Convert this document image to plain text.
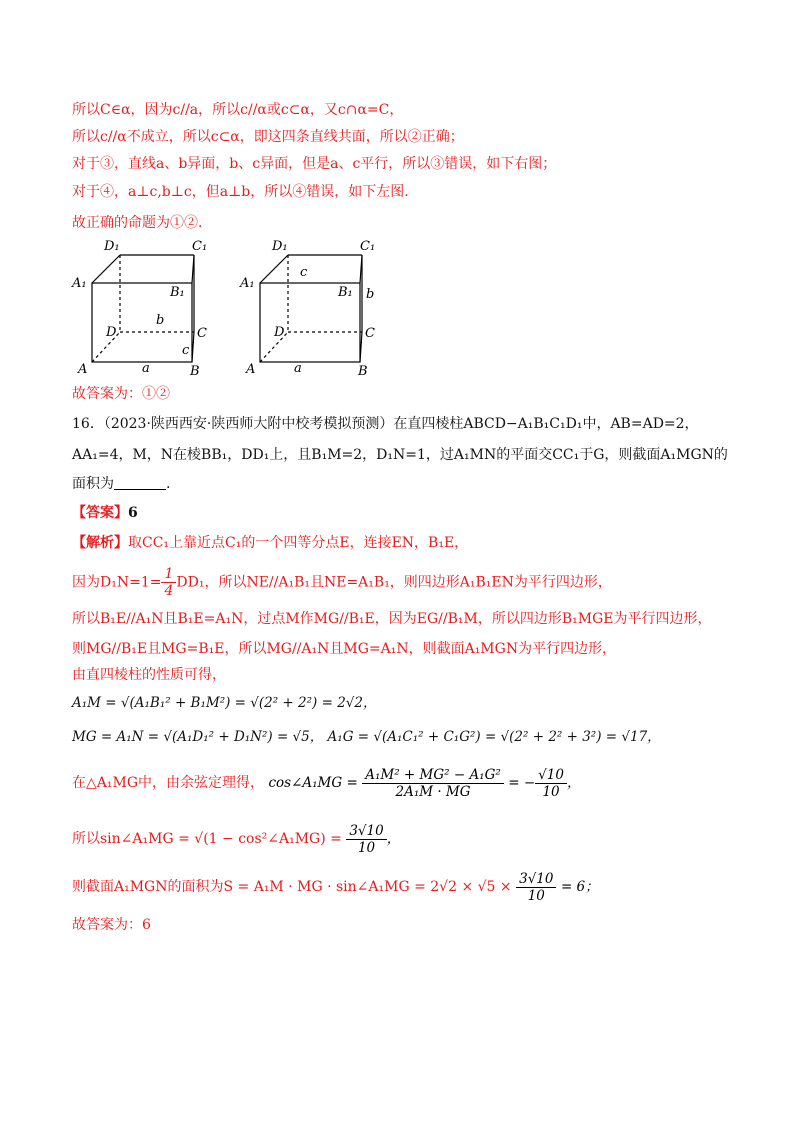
所以C∈α，因为c//a，所以c//α或c⊂α，又c∩α=C，
所以c//α不成立，所以c⊂α，即这四条直线共面，所以②正确；
对于③，直线a、b异面，b、c异面，但是a、c平行，所以③错误，如下右图；
对于④，a⊥c,b⊥c，但a⊥b，所以④错误，如下左图.
故正确的命题为①②.
D₁	C₁
A₁
B₁
D	C
A	B
a
b
c
D₁	C₁
A₁
B₁
D	C
A	B
a
b
c
故答案为：①②
16．（2023·陕西西安·陕西师大附中校考模拟预测）在直四棱柱ABCD−A₁B₁C₁D₁中，AB=AD=2，
AA₁=4，M，N在棱BB₁，DD₁上，且B₁M=2，D₁N=1，过A₁MN的平面交CC₁于G，则截面A₁MGN的
面积为	.
【答案】6
【解析】取CC₁上靠近点C₁的一个四等分点E，连接EN，B₁E，
因为$D_1N=1= \frac{1}{4} DD_1$，所以NE//A₁B₁且NE=A₁B₁，则四边形A₁B₁EN为平行四边形，
所以B₁E//A₁N且B₁E=A₁N，过点M作MG//B₁E，因为EG//B₁M，所以四边形B₁MGE为平行四边形，
则MG//B₁E且MG=B₁E，所以MG//A₁N且MG=A₁N，则截面A₁MGN为平行四边形，
由直四棱柱的性质可得，
A₁M = √(A₁B₁² + B₁M²) = √(2² + 2²) = 2√2，
MG = A₁N = √(A₁D₁² + D₁N²) = √5， A₁G = √(A₁C₁² + C₁G²) = √(2² + 2² + 3²) = √17，
在△A₁MG中，由余弦定理得， cos∠A₁MG = $\frac{\text{A₁M² + MG² − A₁G²}}{\text{2A₁M · MG}}$ = − $\frac{√10}{10}$ ，
所以sin∠A₁MG = √(1 − cos²∠A₁MG) = $\frac{3√10}{10}$ ，
则截面A₁MGN的面积为S = A₁M · MG · sin∠A₁MG = $2√2 \times √5 \times \frac{3√10}{10} = 6$；
故答案为：6
